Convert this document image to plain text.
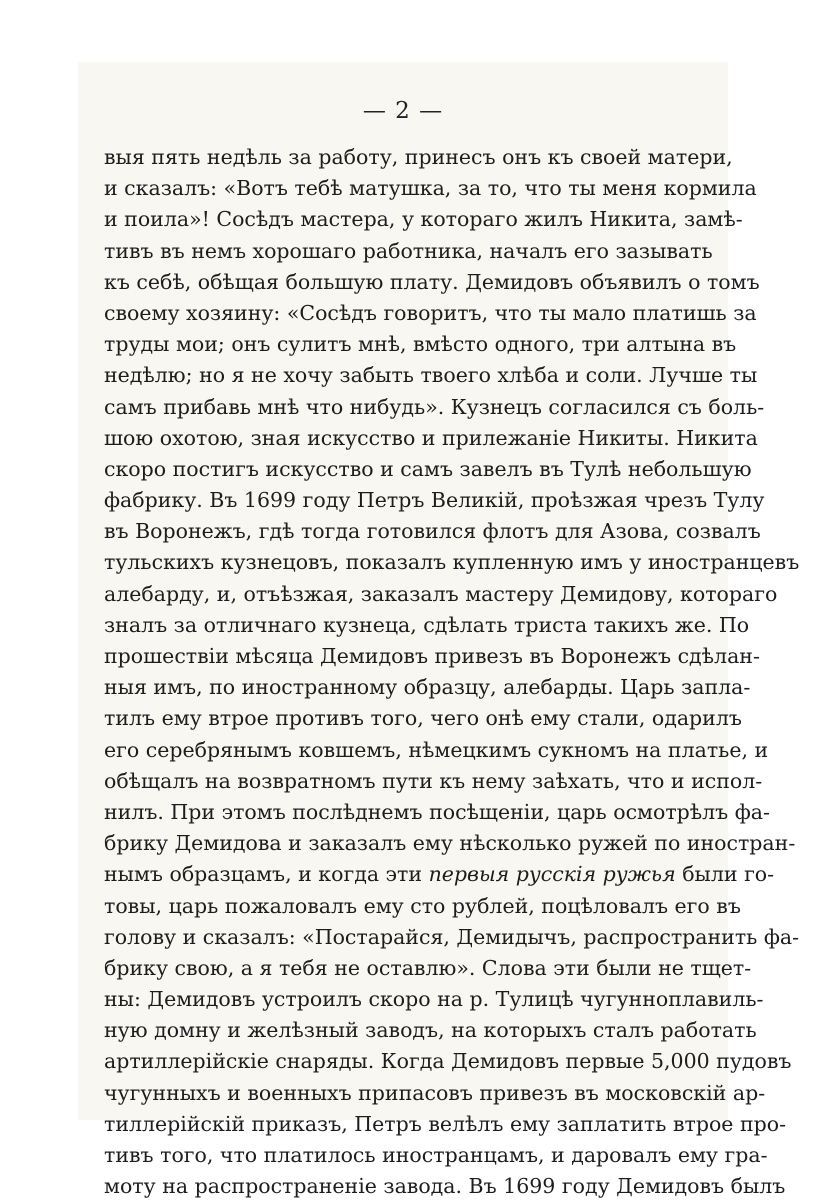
— 2 —
выя пять недѣль за работу, принесъ онъ къ своей матери,
и сказалъ: «Вотъ тебѣ матушка, за то, что ты меня кормила
и поила»! Сосѣдъ мастера, у котораго жилъ Никита, замѣ-
тивъ въ немъ хорошаго работника, началъ его зазывать
къ себѣ, обѣщая большую плату. Демидовъ объявилъ о томъ
своему хозяину: «Сосѣдъ говоритъ, что ты мало платишь за
труды мои; онъ сулитъ мнѣ, вмѣсто одного, три алтына въ
недѣлю; но я не хочу забыть твоего хлѣба и соли. Лучше ты
самъ прибавь мнѣ что нибудь». Кузнецъ согласился съ боль-
шою охотою, зная искусство и прилежаніе Никиты. Никита
скоро постигъ искусство и самъ завелъ въ Тулѣ небольшую
фабрику. Въ 1699 году Петръ Великій, проѣзжая чрезъ Тулу
въ Воронежъ, гдѣ тогда готовился флотъ для Азова, созвалъ
тульскихъ кузнецовъ, показалъ купленную имъ у иностранцевъ
алебарду, и, отъѣзжая, заказалъ мастеру Демидову, котораго
зналъ за отличнаго кузнеца, сдѣлать триста такихъ же. По
прошествіи мѣсяца Демидовъ привезъ въ Воронежъ сдѣлан-
ныя имъ, по иностранному образцу, алебарды. Царь запла-
тилъ ему втрое противъ того, чего онѣ ему стали, одарилъ
его серебрянымъ ковшемъ, нѣмецкимъ сукномъ на платье, и
обѣщалъ на возвратномъ пути къ нему заѣхать, что и испол-
нилъ. При этомъ послѣднемъ посѣщеніи, царь осмотрѣлъ фа-
брику Демидова и заказалъ ему нѣсколько ружей по иностран-
нымъ образцамъ, и когда эти первыя русскія ружья были го-
товы, царь пожаловалъ ему сто рублей, поцѣловалъ его въ
голову и сказалъ: «Постарайся, Демидычъ, распространить фа-
брику свою, а я тебя не оставлю». Слова эти были не тщет-
ны: Демидовъ устроилъ скоро на р. Тулицѣ чугунноплавиль-
ную домну и желѣзный заводъ, на которыхъ сталъ работать
артиллерійскіе снаряды. Когда Демидовъ первые 5,000 пудовъ
чугунныхъ и военныхъ припасовъ привезъ въ московскій ар-
тиллерійскій приказъ, Петръ велѣлъ ему заплатить втрое про-
тивъ того, что платилось иностранцамъ, и даровалъ ему гра-
моту на распространеніе завода. Въ 1699 году Демидовъ былъ
